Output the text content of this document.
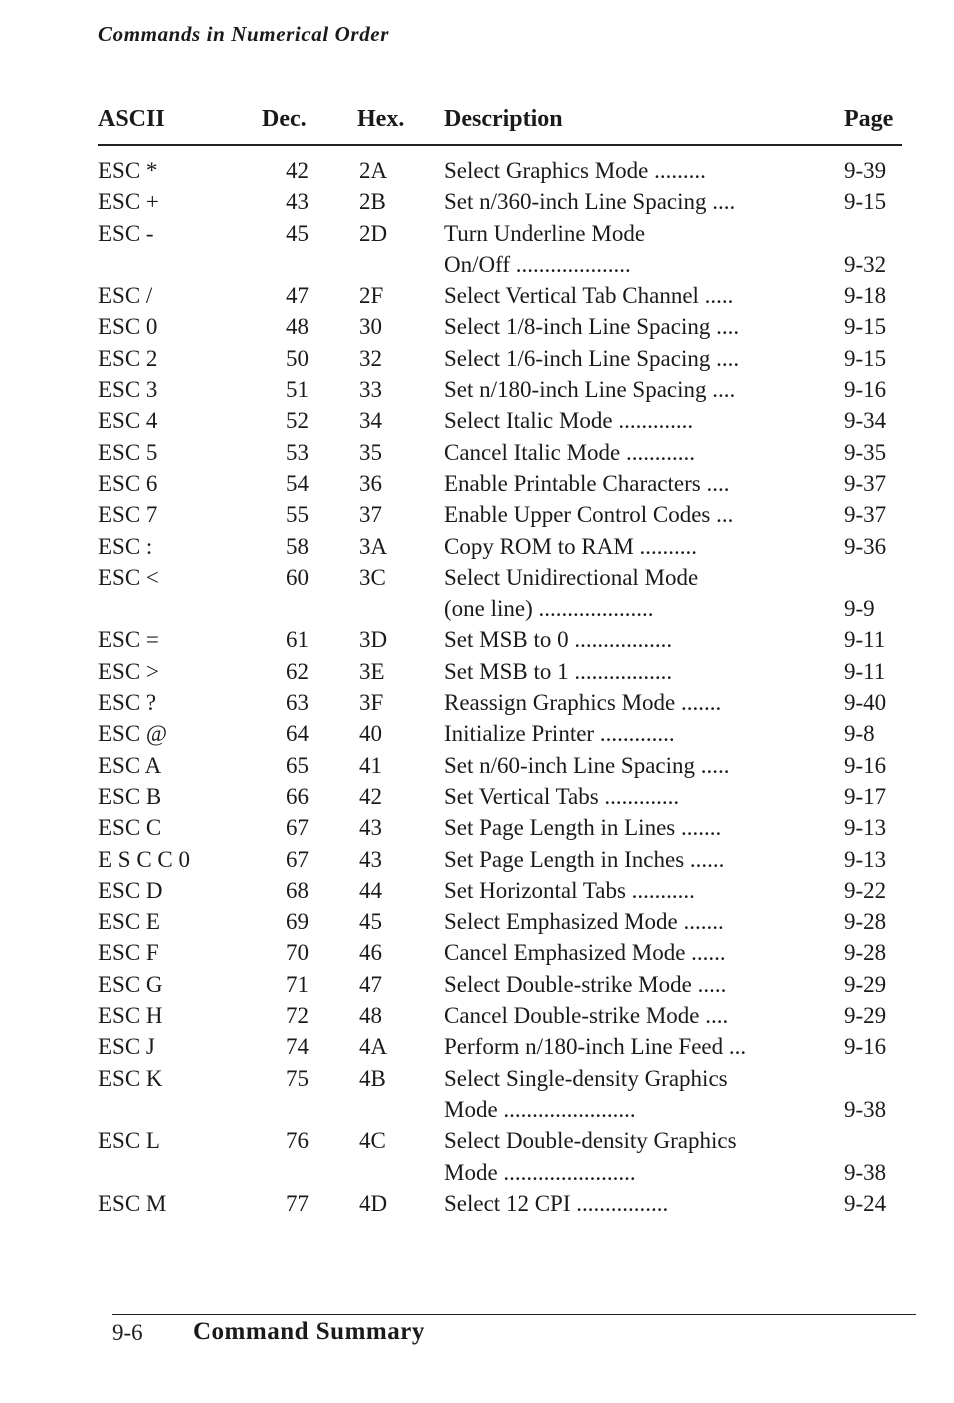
Commands in Numerical Order
ASCII	Dec. Hex. Description	Page
ESC *	42 2A Select Graphics Mode .........	9-39
ESC +	43 2B	Set n/360-inch Line Spacing ....	9-15
ESC -	45 2D Turn Underline Mode
On/Off ....................	9-32
ESC /	47 2F	Select Vertical Tab Channel .....	9-18
ESC 0	48 30	Select 1/8-inch Line Spacing ....	9-15
ESC 2	50 32	Select 1/6-inch Line Spacing ....	9-15
ESC 3	51 33	Set n/180-inch Line Spacing ....	9-16
ESC 4	52 34	Select Italic Mode .............	9-34
ESC 5	53 35	Cancel Italic Mode ............	9-35
ESC 6	54 36	Enable Printable Characters ....	9-37
ESC 7	55 37	Enable Upper Control Codes ...	9-37
ESC :	58 3A Copy ROM to RAM ..........	9-36
ESC <	60 3C	Select Unidirectional Mode
(one line) ....................	9-9
ESC =	61 3D Set MSB to 0 .................	9-11
ESC >	62 3E	Set MSB to 1 .................	9-11
ESC ?	63 3F	Reassign Graphics Mode .......	9-40
ESC @	64 40	Initialize Printer .............	9-8
ESC A	65 41	Set n/60-inch Line Spacing .....	9-16
ESC B	66 42	Set Vertical Tabs .............	9-17
ESC C	67 43	Set Page Length in Lines .......	9-13
E S C C 0	67 43	Set Page Length in Inches ......	9-13
ESC D	68 44	Set Horizontal Tabs ...........	9-22
ESC E	69 45	Select Emphasized Mode .......	9-28
ESC F	70 46	Cancel Emphasized Mode ......	9-28
ESC G	71 47	Select Double-strike Mode .....	9-29
ESC H	72 48	Cancel Double-strike Mode ....	9-29
ESC J	74 4A Perform n/180-inch Line Feed ...	9-16
ESC K	75 4B	Select Single-density Graphics
Mode .......................	9-38
ESC L	76 4C	Select Double-density Graphics
Mode .......................	9-38
ESC M	77 4D Select 12 CPI ................	9-24
9-6 Command Summary
